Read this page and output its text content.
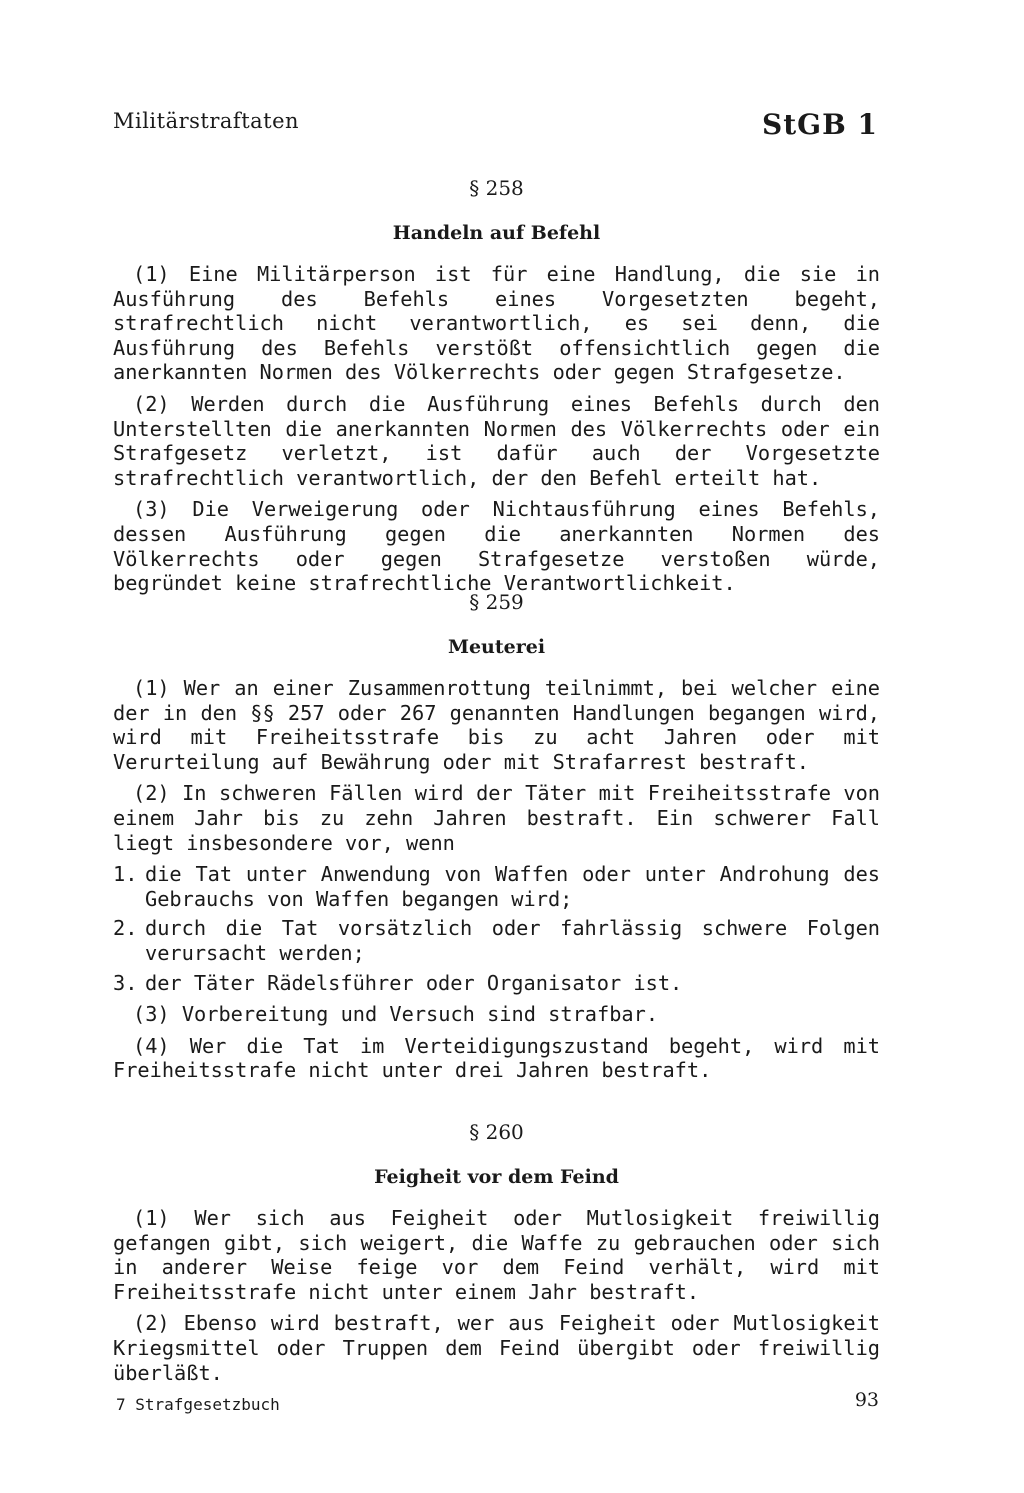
Militärstraftaten	StGB 1
§ 258
Handeln auf Befehl

(1) Eine Militärperson ist für eine Handlung, die sie in Ausführung des Befehls eines Vorgesetzten begeht, strafrechtlich nicht verantwortlich, es sei denn, die Ausführung des Befehls verstößt offensichtlich gegen die anerkannten Normen des Völkerrechts oder gegen Strafgesetze.

(2) Werden durch die Ausführung eines Befehls durch den Unterstellten die anerkannten Normen des Völkerrechts oder ein Strafgesetz verletzt, ist dafür auch der Vorgesetzte strafrechtlich verantwortlich, der den Befehl erteilt hat.

(3) Die Verweigerung oder Nichtausführung eines Befehls, dessen Ausführung gegen die anerkannten Normen des Völkerrechts oder gegen Strafgesetze verstoßen würde, begründet keine strafrechtliche Verantwortlichkeit.

§ 259
Meuterei

(1) Wer an einer Zusammenrottung teilnimmt, bei welcher eine der in den §§ 257 oder 267 genannten Handlungen begangen wird, wird mit Freiheitsstrafe bis zu acht Jahren oder mit Verurteilung auf Bewährung oder mit Strafarrest bestraft.

(2) In schweren Fällen wird der Täter mit Freiheitsstrafe von einem Jahr bis zu zehn Jahren bestraft. Ein schwerer Fall liegt insbesondere vor, wenn

1. die Tat unter Anwendung von Waffen oder unter Androhung des Gebrauchs von Waffen begangen wird;
2. durch die Tat vorsätzlich oder fahrlässig schwere Folgen verursacht werden;
3. der Täter Rädelsführer oder Organisator ist.

(3) Vorbereitung und Versuch sind strafbar.

(4) Wer die Tat im Verteidigungszustand begeht, wird mit Freiheitsstrafe nicht unter drei Jahren bestraft.

§ 260
Feigheit vor dem Feind

(1) Wer sich aus Feigheit oder Mutlosigkeit freiwillig gefangen gibt, sich weigert, die Waffe zu gebrauchen oder sich in anderer Weise feige vor dem Feind verhält, wird mit Freiheitsstrafe nicht unter einem Jahr bestraft.

(2) Ebenso wird bestraft, wer aus Feigheit oder Mutlosigkeit Kriegsmittel oder Truppen dem Feind übergibt oder freiwillig überläßt.

7 Strafgesetzbuch	93
